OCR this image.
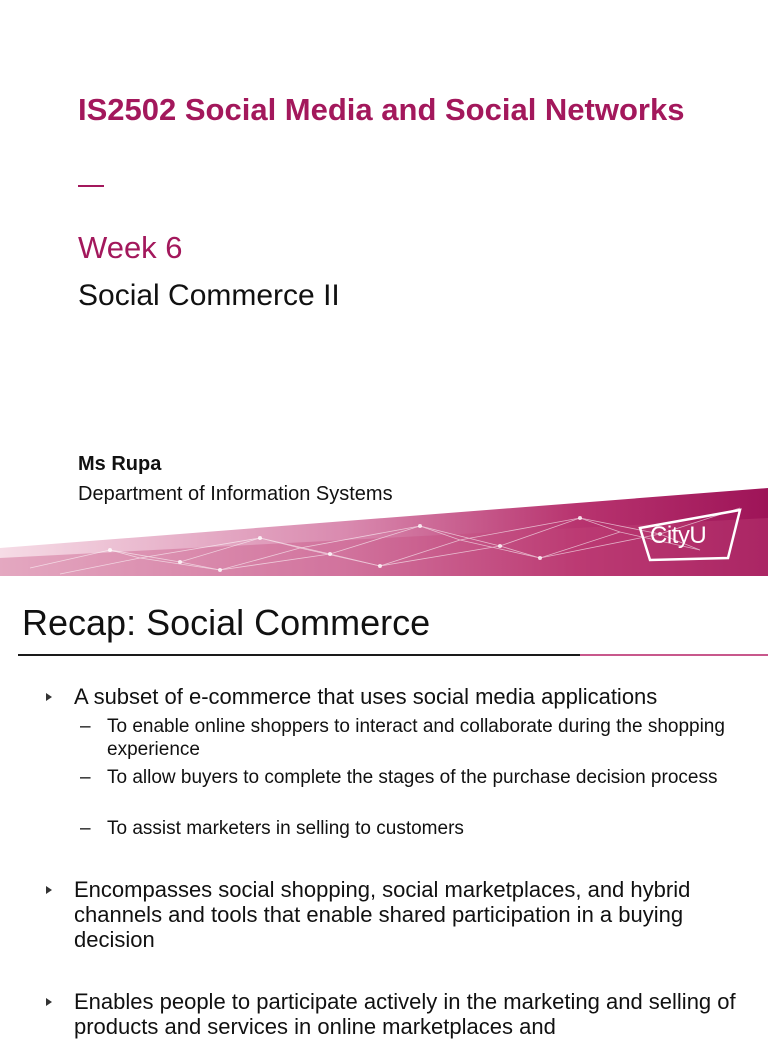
IS2502 Social Media and Social Networks
Week 6
Social Commerce II
Ms Rupa
Department of Information Systems
CityU
Recap: Social Commerce
A subset of e-commerce that uses social media applications
– To enable online shoppers to interact and collaborate during the shopping experience
– To allow buyers to complete the stages of the purchase decision process
– To assist marketers in selling to customers
Encompasses social shopping, social marketplaces, and hybrid channels and tools that enable shared participation in a buying decision
Enables people to participate actively in the marketing and selling of products and services in online marketplaces and
